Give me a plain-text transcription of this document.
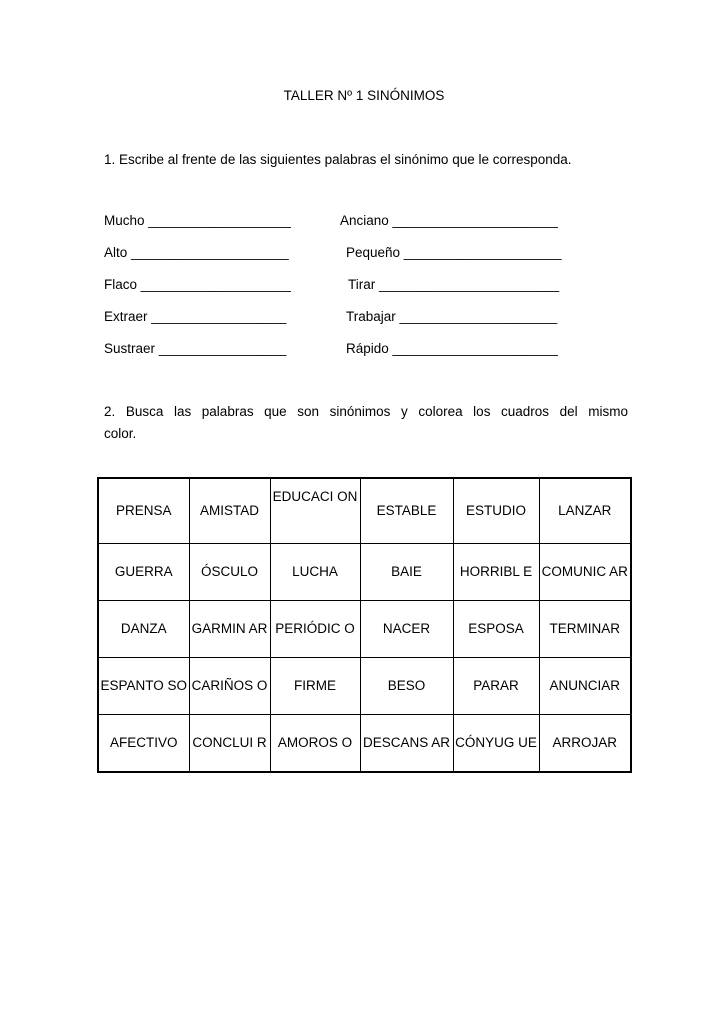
TALLER Nº 1 SINÓNIMOS
1. Escribe al frente de las siguientes palabras el sinónimo que le corresponda.
Mucho ___________________	Anciano ______________________
Alto _____________________	Pequeño _____________________
Flaco ____________________	Tirar ________________________
Extraer __________________	Trabajar _____________________
Sustraer _________________	Rápido ______________________
2. Busca las palabras que son sinónimos y colorea los cuadros del mismo color.
PRENSA	AMISTAD	EDUCACI ON	ESTABLE	ESTUDIO	LANZAR
GUERRA	ÓSCULO	LUCHA	BAIE	HORRIBL E	COMUNIC AR
DANZA	GARMIN AR	PERIÓDIC O	NACER	ESPOSA	TERMINAR
ESPANTO SO	CARIÑOS O	FIRME	BESO	PARAR	ANUNCIAR
AFECTIVO	CONCLUI R	AMOROS O	DESCANS AR	CÓNYUG UE	ARROJAR
